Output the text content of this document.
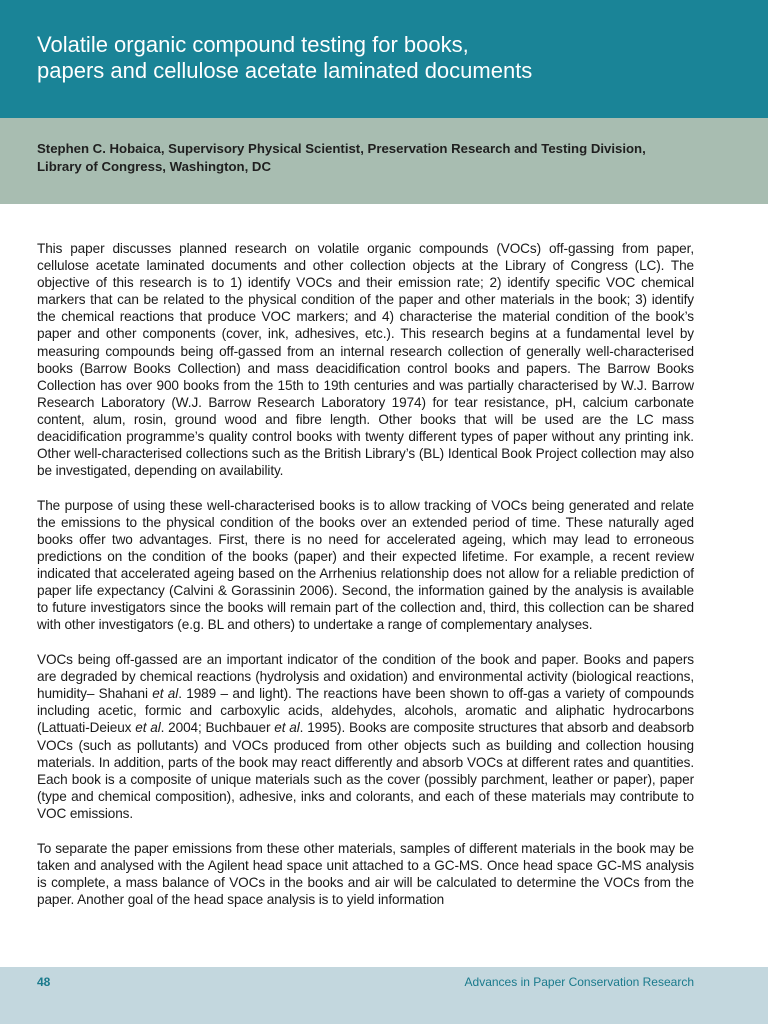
Volatile organic compound testing for books,
papers and cellulose acetate laminated documents

Stephen C. Hobaica, Supervisory Physical Scientist, Preservation Research and Testing Division,

Library of Congress, Washington, DC

This paper discusses planned research on volatile organic compounds (VOCs) off-gassing from paper, cellulose acetate laminated documents and other collection objects at the Library of Congress (LC). The objective of this research is to 1) identify VOCs and their emission rate; 2) identify specific VOC chemical markers that can be related to the physical condition of the paper and other materials in the book; 3) identify the chemical reactions that produce VOC markers; and 4) characterise the material condition of the book’s paper and other components (cover, ink, adhesives, etc.). This research begins at a fundamental level by measuring compounds being off-gassed from an internal research collection of generally well-characterised books (Barrow Books Collection) and mass deacidification control books and papers. The Barrow Books Collection has over 900 books from the 15th to 19th centuries and was partially characterised by W.J. Barrow Research Laboratory (W.J. Barrow Research Laboratory 1974) for tear resistance, pH, calcium carbonate content, alum, rosin, ground wood and fibre length. Other books that will be used are the LC mass deacidification programme’s quality control books with twenty different types of paper without any printing ink. Other well-characterised collections such as the British Library’s (BL) Identical Book Project collection may also be investigated, depending on availability.

The purpose of using these well-characterised books is to allow tracking of VOCs being generated and relate the emissions to the physical condition of the books over an extended period of time. These naturally aged books offer two advantages. First, there is no need for accelerated ageing, which may lead to erroneous predictions on the condition of the books (paper) and their expected lifetime. For example, a recent review indicated that accelerated ageing based on the Arrhenius relationship does not allow for a reliable prediction of paper life expectancy (Calvini & Gorassinin 2006). Second, the information gained by the analysis is available to future investigators since the books will remain part of the collection and, third, this collection can be shared with other investigators (e.g. BL and others) to undertake a range of complementary analyses.

VOCs being off-gassed are an important indicator of the condition of the book and paper. Books and papers are degraded by chemical reactions (hydrolysis and oxidation) and environmental activity (biological reactions, humidity– Shahani et al. 1989 – and light). The reactions have been shown to off-gas a variety of compounds including acetic, formic and carboxylic acids, aldehydes, alcohols, aromatic and aliphatic hydrocarbons (Lattuati-Deieux et al. 2004; Buchbauer et al. 1995). Books are composite structures that absorb and deabsorb VOCs (such as pollutants) and VOCs produced from other objects such as building and collection housing materials. In addition, parts of the book may react differently and absorb VOCs at different rates and quantities. Each book is a composite of unique materials such as the cover (possibly parchment, leather or paper), paper (type and chemical composition), adhesive, inks and colorants, and each of these materials may contribute to VOC emissions.

To separate the paper emissions from these other materials, samples of different materials in the book may be taken and analysed with the Agilent head space unit attached to a GC-MS. Once head space GC-MS analysis is complete, a mass balance of VOCs in the books and air will be calculated to determine the VOCs from the paper. Another goal of the head space analysis is to yield information

48	Advances in Paper Conservation Research
